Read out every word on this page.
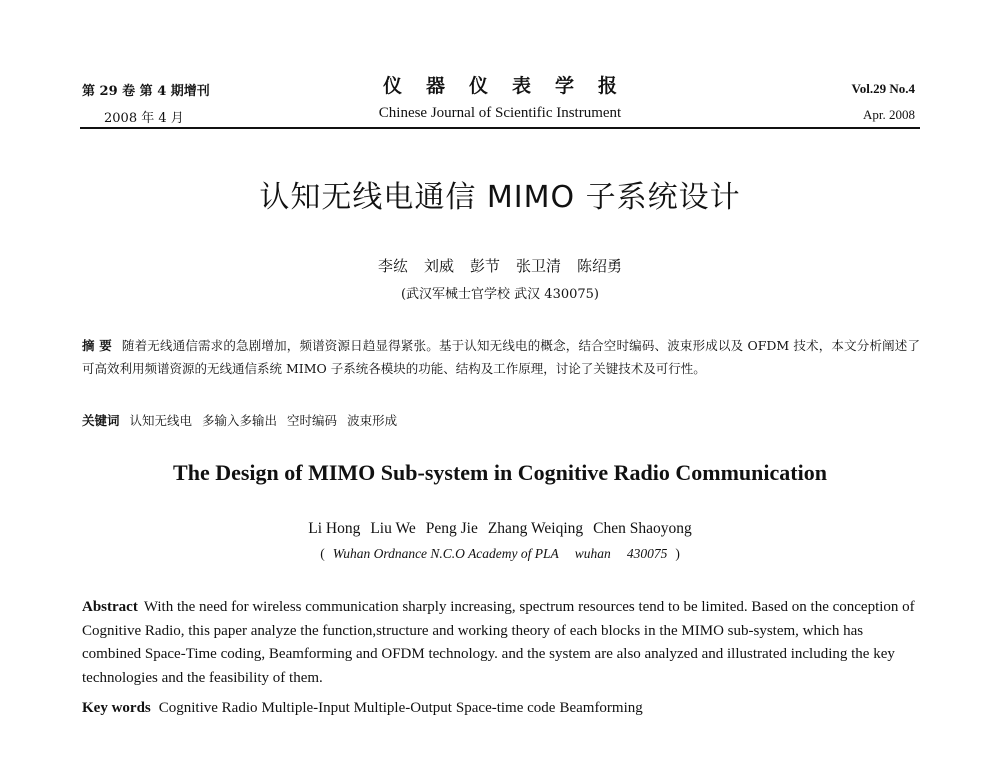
第 29 卷 第 4 期增刊
2008 年 4 月
仪器仪表学报
Chinese Journal of Scientific Instrument
Vol.29 No.4
Apr. 2008
认知无线电通信 MIMO 子系统设计
李纮 刘威 彭节 张卫清 陈绍勇
(武汉军械士官学校 武汉 430075)
摘 要 随着无线通信需求的急剧增加，频谱资源日趋显得紧张。基于认知无线电的概念，结合空时编码、波束形成以及 OFDM 技术，本文分析阐述了可高效利用频谱资源的无线通信系统 MIMO 子系统各模块的功能、结构及工作原理，讨论了关键技术及可行性。
关键词 认知无线电 多输入多输出 空时编码 波束形成
The Design of MIMO Sub-system in Cognitive Radio Communication
Li Hong Liu We Peng Jie Zhang Weiqing Chen Shaoyong
( Wuhan Ordnance N.C.O Academy of PLA wuhan 430075 )
Abstract With the need for wireless communication sharply increasing, spectrum resources tend to be limited. Based on the conception of Cognitive Radio, this paper analyze the function,structure and working theory of each blocks in the MIMO sub-system, which has combined Space-Time coding, Beamforming and OFDM technology. and the system are also analyzed and illustrated including the key technologies and the feasibility of them.
Key words Cognitive Radio Multiple-Input Multiple-Output Space-time code Beamforming
